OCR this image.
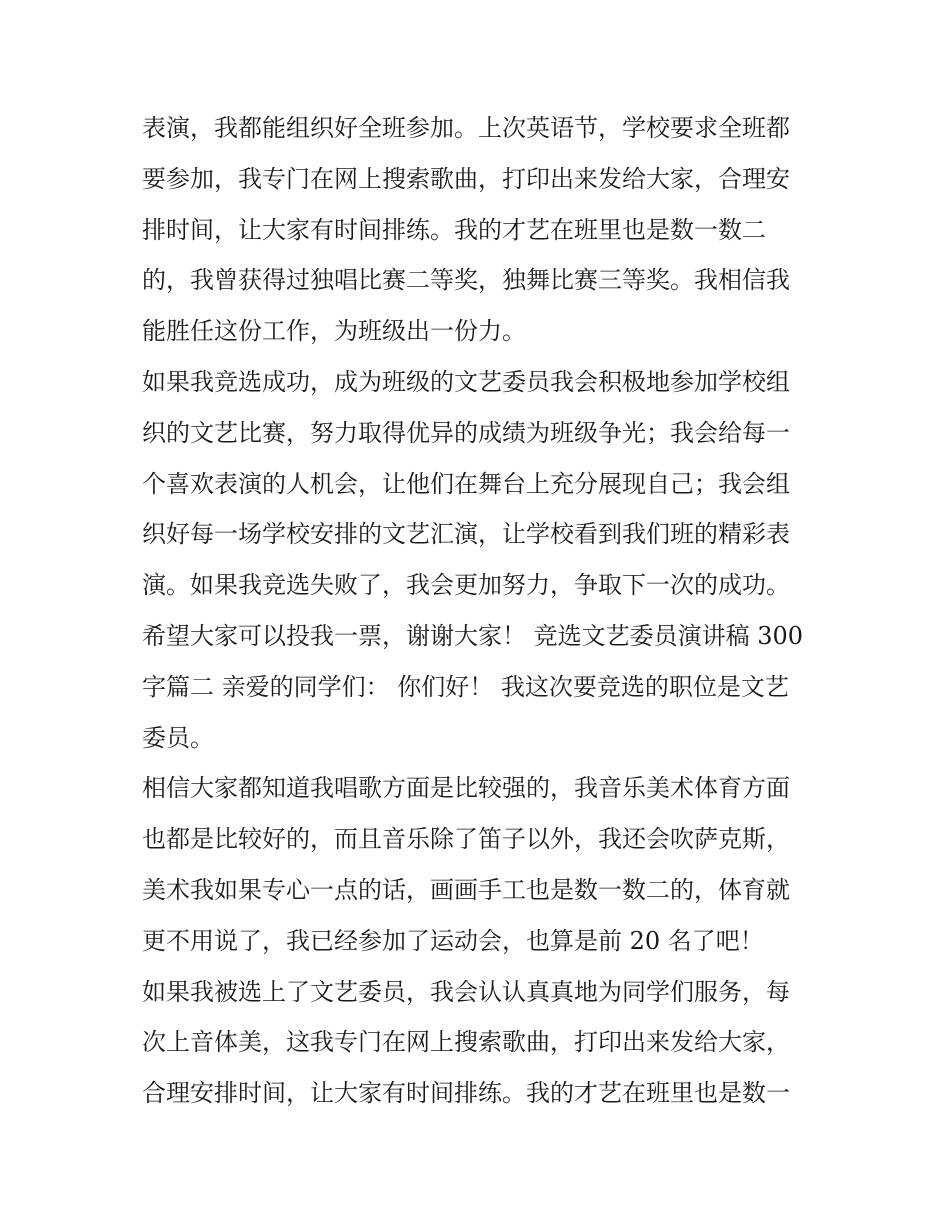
表演，我都能组织好全班参加。上次英语节，学校要求全班都
要参加，我专门在网上搜索歌曲，打印出来发给大家，合理安
排时间，让大家有时间排练。我的才艺在班里也是数一数二
的，我曾获得过独唱比赛二等奖，独舞比赛三等奖。我相信我
能胜任这份工作，为班级出一份力。
如果我竞选成功，成为班级的文艺委员我会积极地参加学校组
织的文艺比赛，努力取得优异的成绩为班级争光；我会给每一
个喜欢表演的人机会，让他们在舞台上充分展现自己；我会组
织好每一场学校安排的文艺汇演，让学校看到我们班的精彩表
演。如果我竞选失败了，我会更加努力，争取下一次的成功。
希望大家可以投我一票，谢谢大家！ 竞选文艺委员演讲稿 300
字篇二 亲爱的同学们： 你们好！ 我这次要竞选的职位是文艺
委员。
相信大家都知道我唱歌方面是比较强的，我音乐美术体育方面
也都是比较好的，而且音乐除了笛子以外，我还会吹萨克斯，
美术我如果专心一点的话，画画手工也是数一数二的，体育就
更不用说了，我已经参加了运动会，也算是前 20 名了吧！
如果我被选上了文艺委员，我会认认真真地为同学们服务，每
次上音体美，这我专门在网上搜索歌曲，打印出来发给大家，
合理安排时间，让大家有时间排练。我的才艺在班里也是数一
